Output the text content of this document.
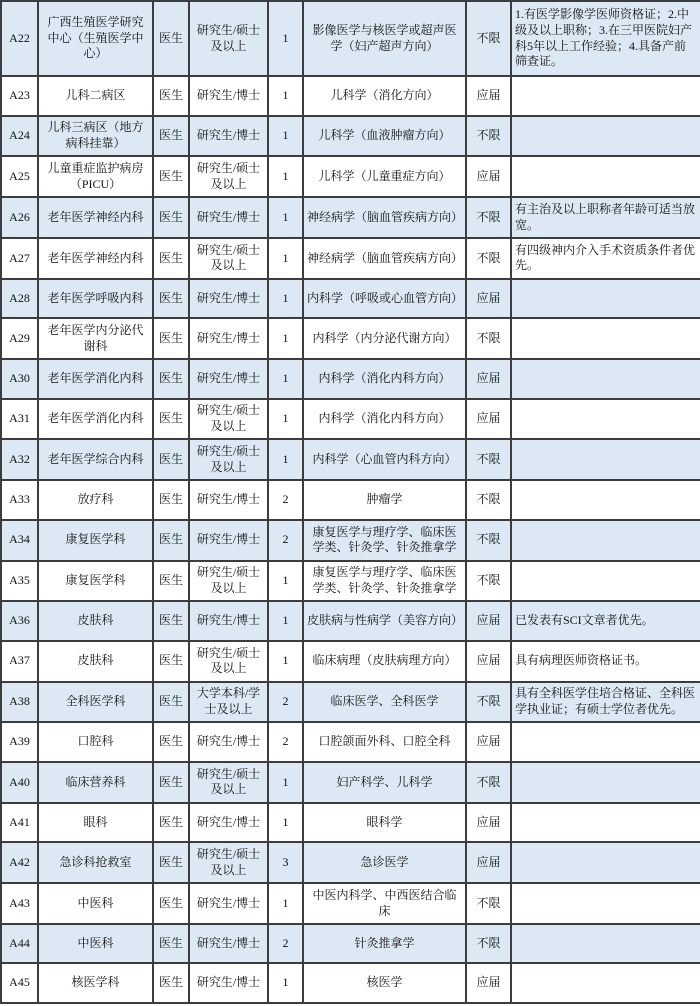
A22	广西生殖医学研究中心（生殖医学中心）	医生	研究生/硕士及以上	1	影像医学与核医学或超声医学（妇产超声方向）	不限	1.有医学影像学医师资格证；2.中级及以上职称；3.在三甲医院妇产科5年以上工作经验；4.具备产前筛查证。
A23	儿科二病区	医生	研究生/博士	1	儿科学（消化方向）	应届	
A24	儿科三病区（地方病科挂靠）	医生	研究生/博士	1	儿科学（血液肿瘤方向）	不限	
A25	儿童重症监护病房（PICU）	医生	研究生/硕士及以上	1	儿科学（儿童重症方向）	应届	
A26	老年医学神经内科	医生	研究生/博士	1	神经病学（脑血管疾病方向）	不限	有主治及以上职称者年龄可适当放宽。
A27	老年医学神经内科	医生	研究生/硕士及以上	1	神经病学（脑血管疾病方向）	不限	有四级神内介入手术资质条件者优先。
A28	老年医学呼吸内科	医生	研究生/博士	1	内科学（呼吸或心血管方向）	应届	
A29	老年医学内分泌代谢科	医生	研究生/博士	1	内科学（内分泌代谢方向）	不限	
A30	老年医学消化内科	医生	研究生/博士	1	内科学（消化内科方向）	应届	
A31	老年医学消化内科	医生	研究生/硕士及以上	1	内科学（消化内科方向）	应届	
A32	老年医学综合内科	医生	研究生/硕士及以上	1	内科学（心血管内科方向）	不限	
A33	放疗科	医生	研究生/博士	2	肿瘤学	不限	
A34	康复医学科	医生	研究生/博士	2	康复医学与理疗学、临床医学类、针灸学、针灸推拿学	不限	
A35	康复医学科	医生	研究生/硕士及以上	1	康复医学与理疗学、临床医学类、针灸学、针灸推拿学	不限	
A36	皮肤科	医生	研究生/博士	1	皮肤病与性病学（美容方向）	应届	已发表有SCI文章者优先。
A37	皮肤科	医生	研究生/硕士及以上	1	临床病理（皮肤病理方向）	应届	具有病理医师资格证书。
A38	全科医学科	医生	大学本科/学士及以上	2	临床医学、全科医学	不限	具有全科医学住培合格证、全科医学执业证；有硕士学位者优先。
A39	口腔科	医生	研究生/博士	2	口腔颌面外科、口腔全科	应届	
A40	临床营养科	医生	研究生/硕士及以上	1	妇产科学、儿科学	不限	
A41	眼科	医生	研究生/博士	1	眼科学	应届	
A42	急诊科抢救室	医生	研究生/硕士及以上	3	急诊医学	应届	
A43	中医科	医生	研究生/博士	1	中医内科学、中西医结合临床	不限	
A44	中医科	医生	研究生/博士	2	针灸推拿学	不限	
A45	核医学科	医生	研究生/博士	1	核医学	应届	
